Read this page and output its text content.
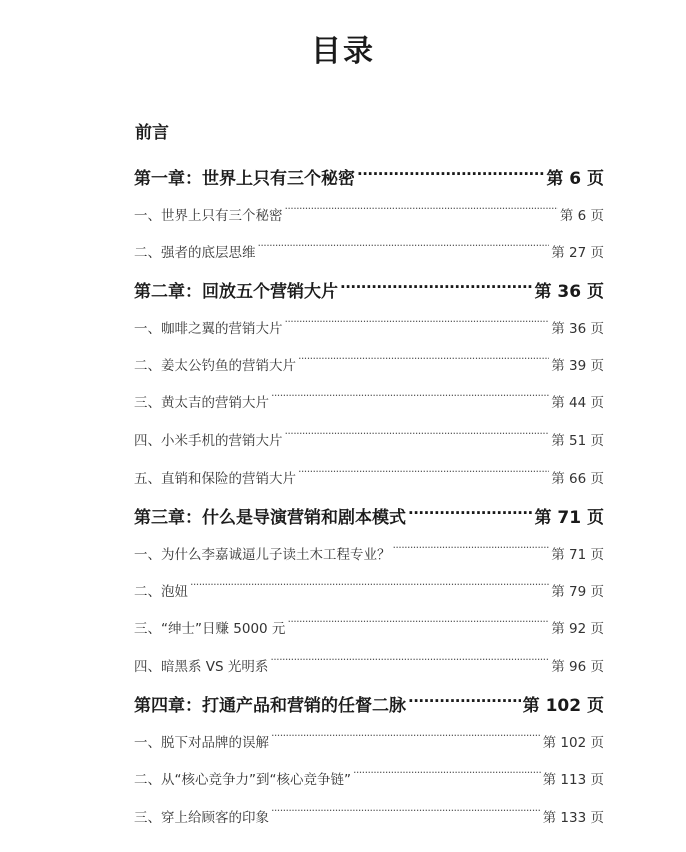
目录
前言
第一章：世界上只有三个秘密 .....	第 6 页
一、世界上只有三个秘密 .....	第 6 页
二、强者的底层思维 .....	第 27 页
第二章：回放五个营销大片 .....	第 36 页
一、咖啡之翼的营销大片 .....	第 36 页
二、姜太公钓鱼的营销大片 .....	第 39 页
三、黄太吉的营销大片 .....	第 44 页
四、小米手机的营销大片 .....	第 51 页
五、直销和保险的营销大片 .....	第 66 页
第三章：什么是导演营销和剧本模式 .....	第 71 页
一、为什么李嘉诚逼儿子读土木工程专业？ .....	第 71 页
二、泡妞 .....	第 79 页
三、“绅士”日赚 5000 元 .....	第 92 页
四、暗黑系 VS 光明系 .....	第 96 页
第四章：打通产品和营销的任督二脉 .....	第 102 页
一、脱下对品牌的误解 .....	第 102 页
二、从“核心竞争力”到“核心竞争链” .....	第 113 页
三、穿上给顾客的印象 .....	第 133 页
